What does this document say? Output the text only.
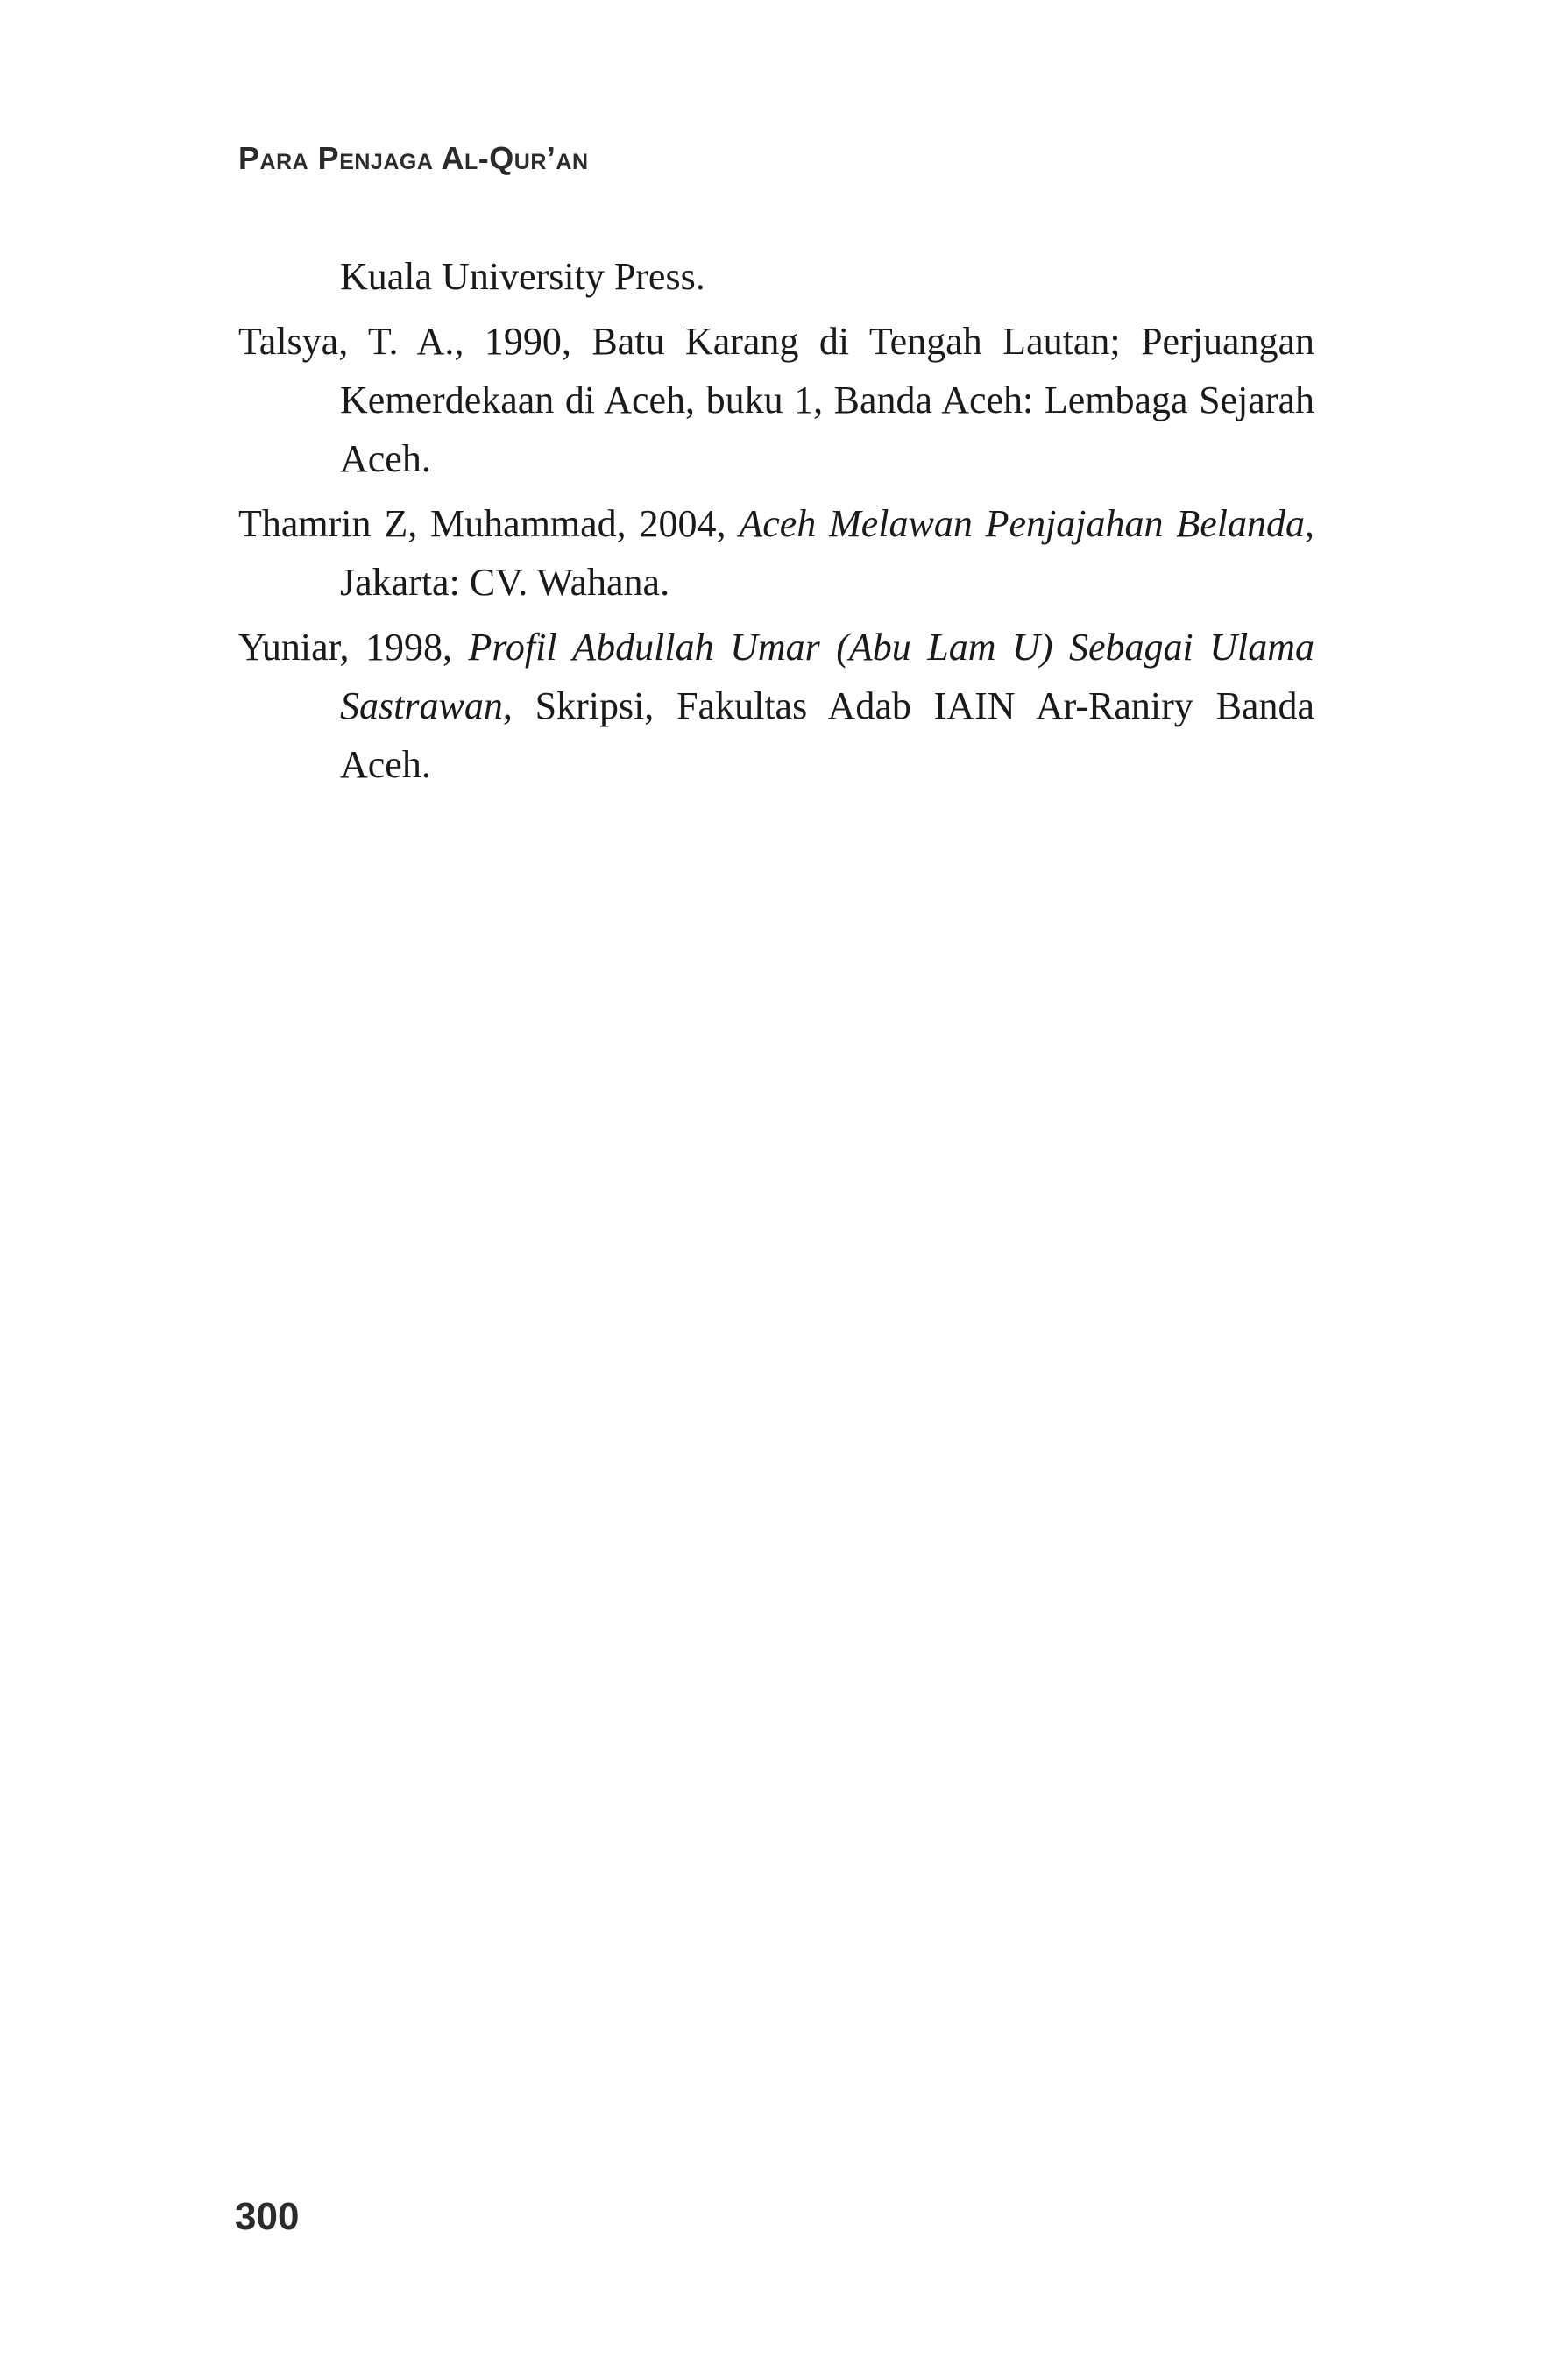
Para Penjaga Al-Qur’an

Kuala University Press.

Talsya, T. A., 1990, Batu Karang di Tengah Lautan; Perjuangan Kemerdekaan di Aceh, buku 1, Banda Aceh: Lembaga Sejarah Aceh.

Thamrin Z, Muhammad, 2004, Aceh Melawan Penjajahan Belanda, Jakarta: CV. Wahana.

Yuniar, 1998, Profil Abdullah Umar (Abu Lam U) Sebagai Ulama Sastrawan, Skripsi, Fakultas Adab IAIN Ar-Raniry Banda Aceh.

300
